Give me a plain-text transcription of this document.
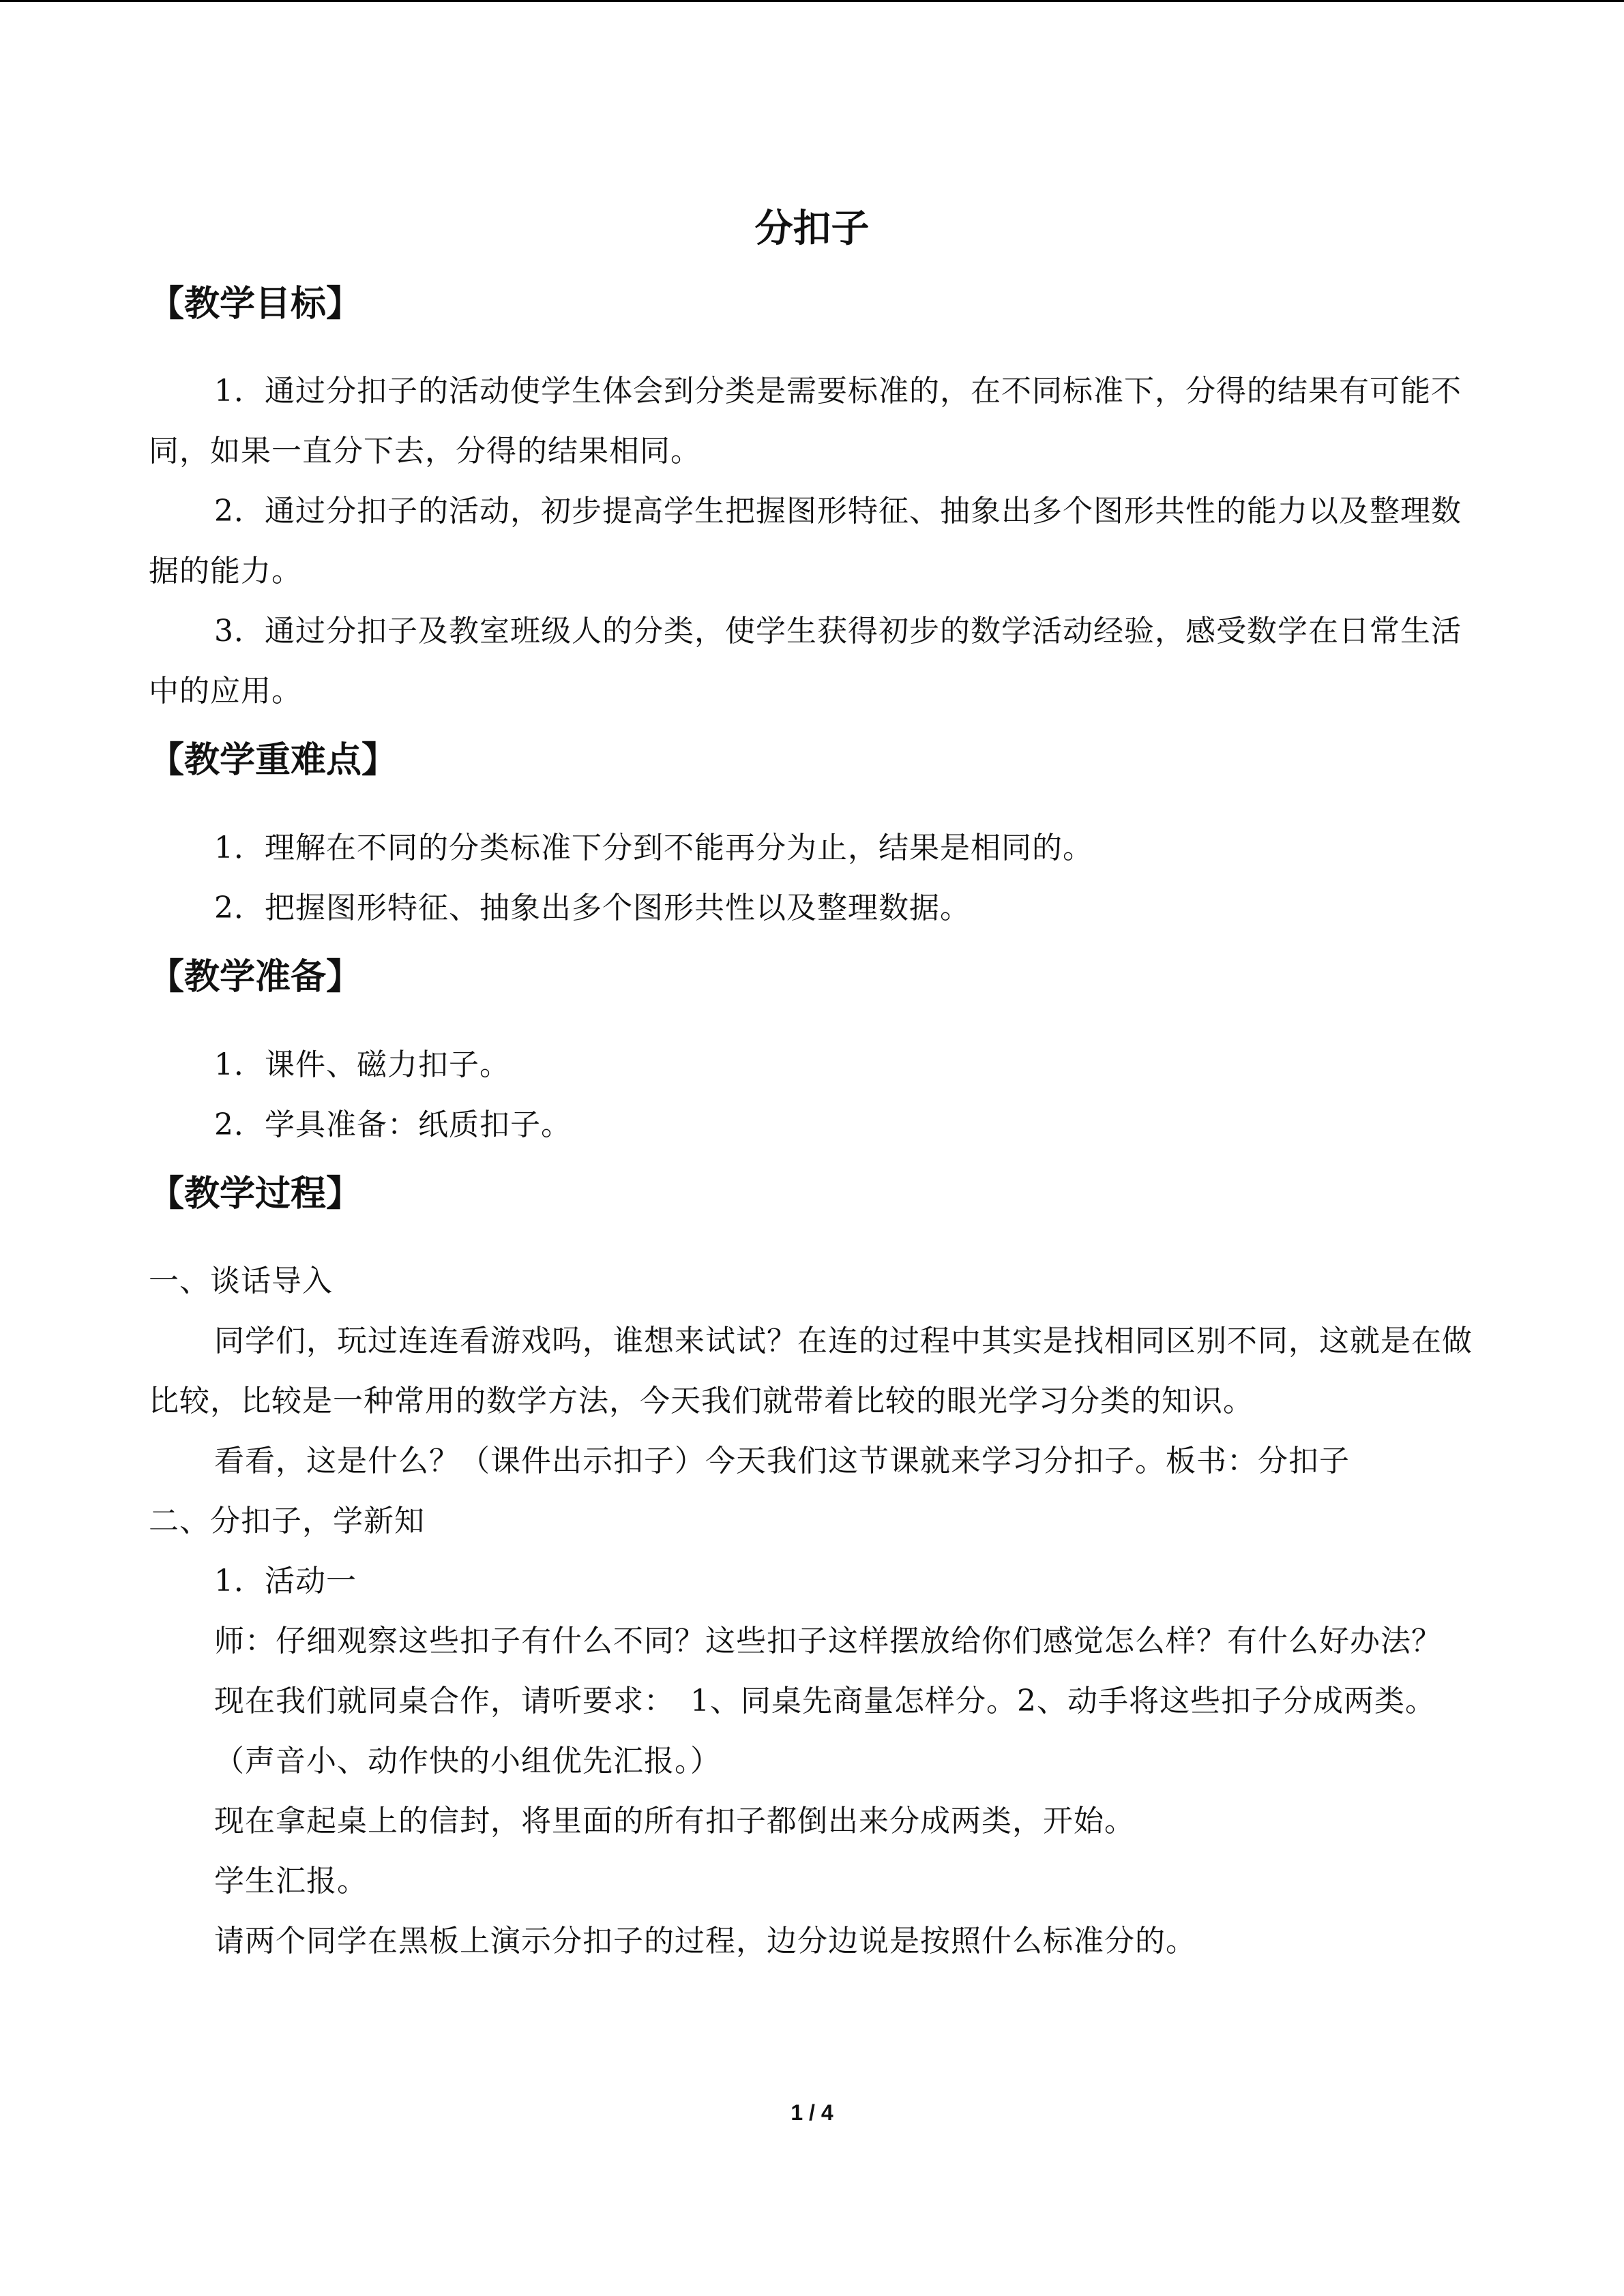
分扣子
【教学目标】

1．通过分扣子的活动使学生体会到分类是需要标准的，在不同标准下，分得的结果有可能不同，如果一直分下去，分得的结果相同。

2．通过分扣子的活动，初步提高学生把握图形特征、抽象出多个图形共性的能力以及整理数据的能力。

3．通过分扣子及教室班级人的分类，使学生获得初步的数学活动经验，感受数学在日常生活中的应用。

【教学重难点】

1．理解在不同的分类标准下分到不能再分为止，结果是相同的。

2．把握图形特征、抽象出多个图形共性以及整理数据。

【教学准备】

1．课件、磁力扣子。

2．学具准备：纸质扣子。

【教学过程】

一、谈话导入

同学们，玩过连连看游戏吗，谁想来试试？在连的过程中其实是找相同区别不同，这就是在做比较，比较是一种常用的数学方法，今天我们就带着比较的眼光学习分类的知识。

看看，这是什么？（课件出示扣子）今天我们这节课就来学习分扣子。板书：分扣子

二、分扣子，学新知

1．活动一

师：仔细观察这些扣子有什么不同？这些扣子这样摆放给你们感觉怎么样？有什么好办法？

现在我们就同桌合作，请听要求：　1、同桌先商量怎样分。2、动手将这些扣子分成两类。

（声音小、动作快的小组优先汇报。）

现在拿起桌上的信封，将里面的所有扣子都倒出来分成两类，开始。

学生汇报。

请两个同学在黑板上演示分扣子的过程，边分边说是按照什么标准分的。

1 / 4
